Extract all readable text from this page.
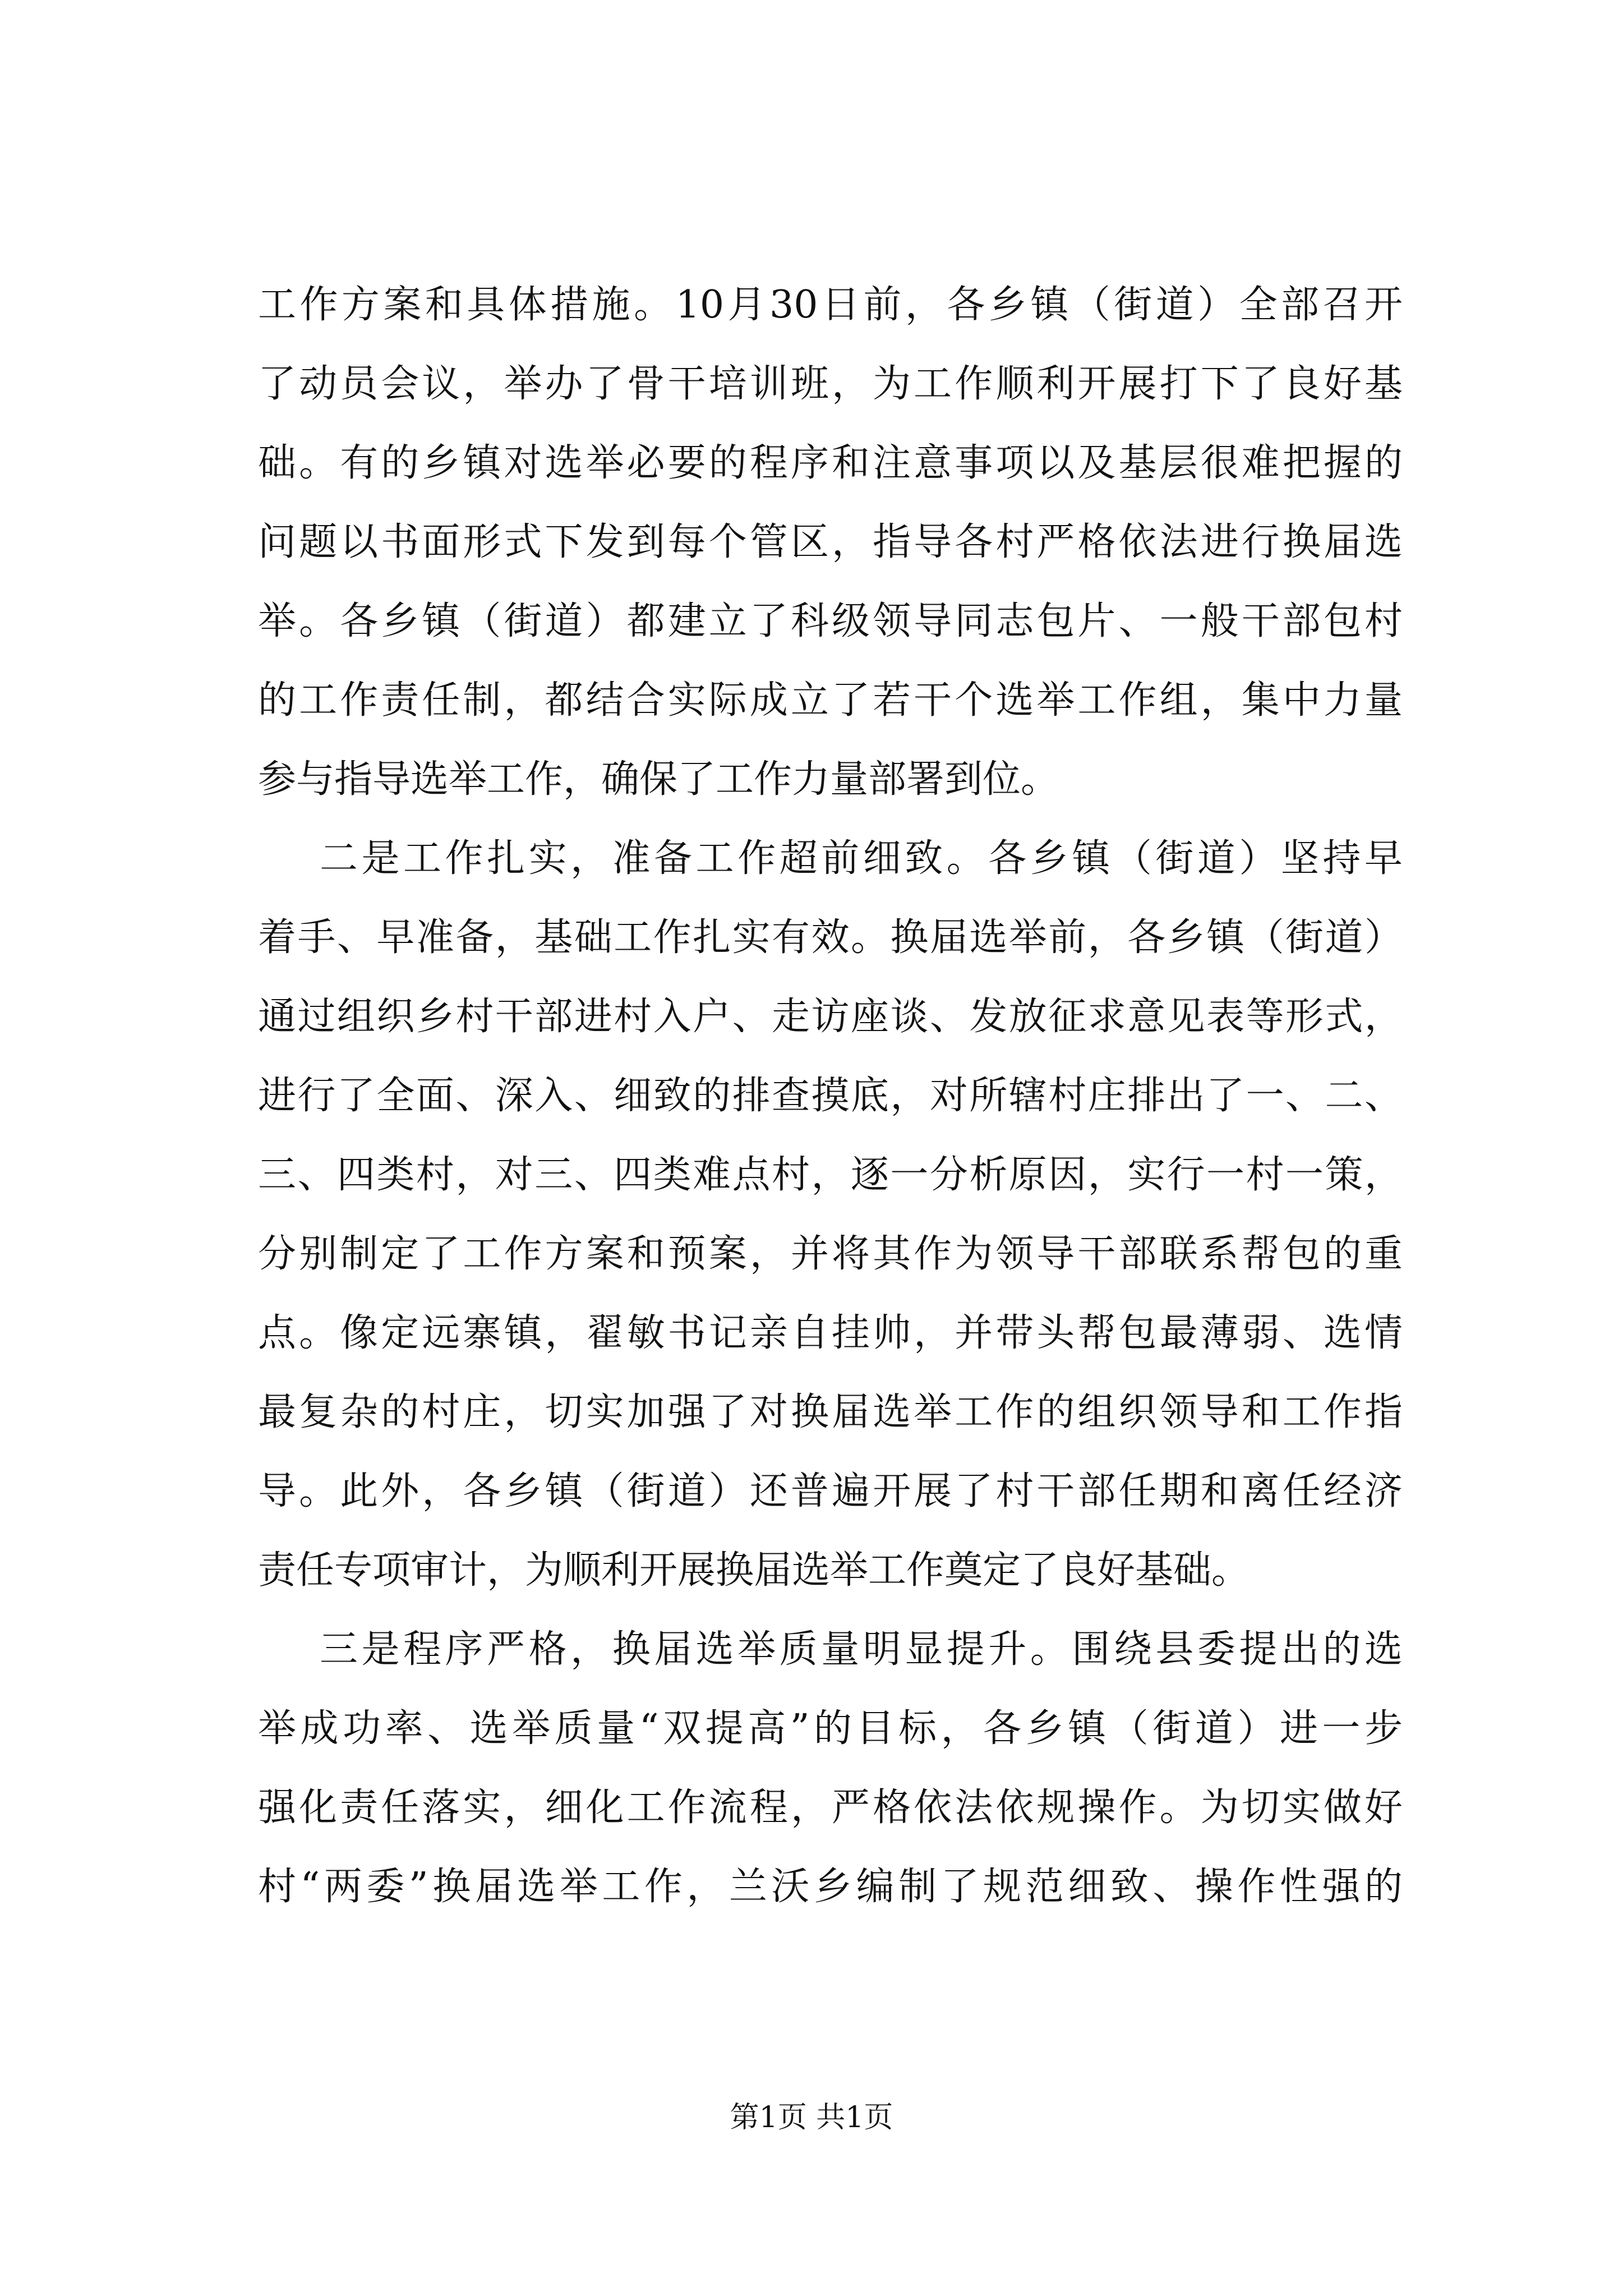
工作方案和具体措施。10月30日前，各乡镇（街道）全部召开
了动员会议，举办了骨干培训班，为工作顺利开展打下了良好基
础。有的乡镇对选举必要的程序和注意事项以及基层很难把握的
问题以书面形式下发到每个管区，指导各村严格依法进行换届选
举。各乡镇（街道）都建立了科级领导同志包片、一般干部包村
的工作责任制，都结合实际成立了若干个选举工作组，集中力量
参与指导选举工作，确保了工作力量部署到位。
二是工作扎实，准备工作超前细致。各乡镇（街道）坚持早
着手、早准备，基础工作扎实有效。换届选举前，各乡镇（街道）
通过组织乡村干部进村入户、走访座谈、发放征求意见表等形式，
进行了全面、深入、细致的排查摸底，对所辖村庄排出了一、二、
三、四类村，对三、四类难点村，逐一分析原因，实行一村一策，
分别制定了工作方案和预案，并将其作为领导干部联系帮包的重
点。像定远寨镇，翟敏书记亲自挂帅，并带头帮包最薄弱、选情
最复杂的村庄，切实加强了对换届选举工作的组织领导和工作指
导。此外，各乡镇（街道）还普遍开展了村干部任期和离任经济
责任专项审计，为顺利开展换届选举工作奠定了良好基础。
三是程序严格，换届选举质量明显提升。围绕县委提出的选
举成功率、选举质量“双提高”的目标，各乡镇（街道）进一步
强化责任落实，细化工作流程，严格依法依规操作。为切实做好
村“两委”换届选举工作，兰沃乡编制了规范细致、操作性强的
第1页 共1页
